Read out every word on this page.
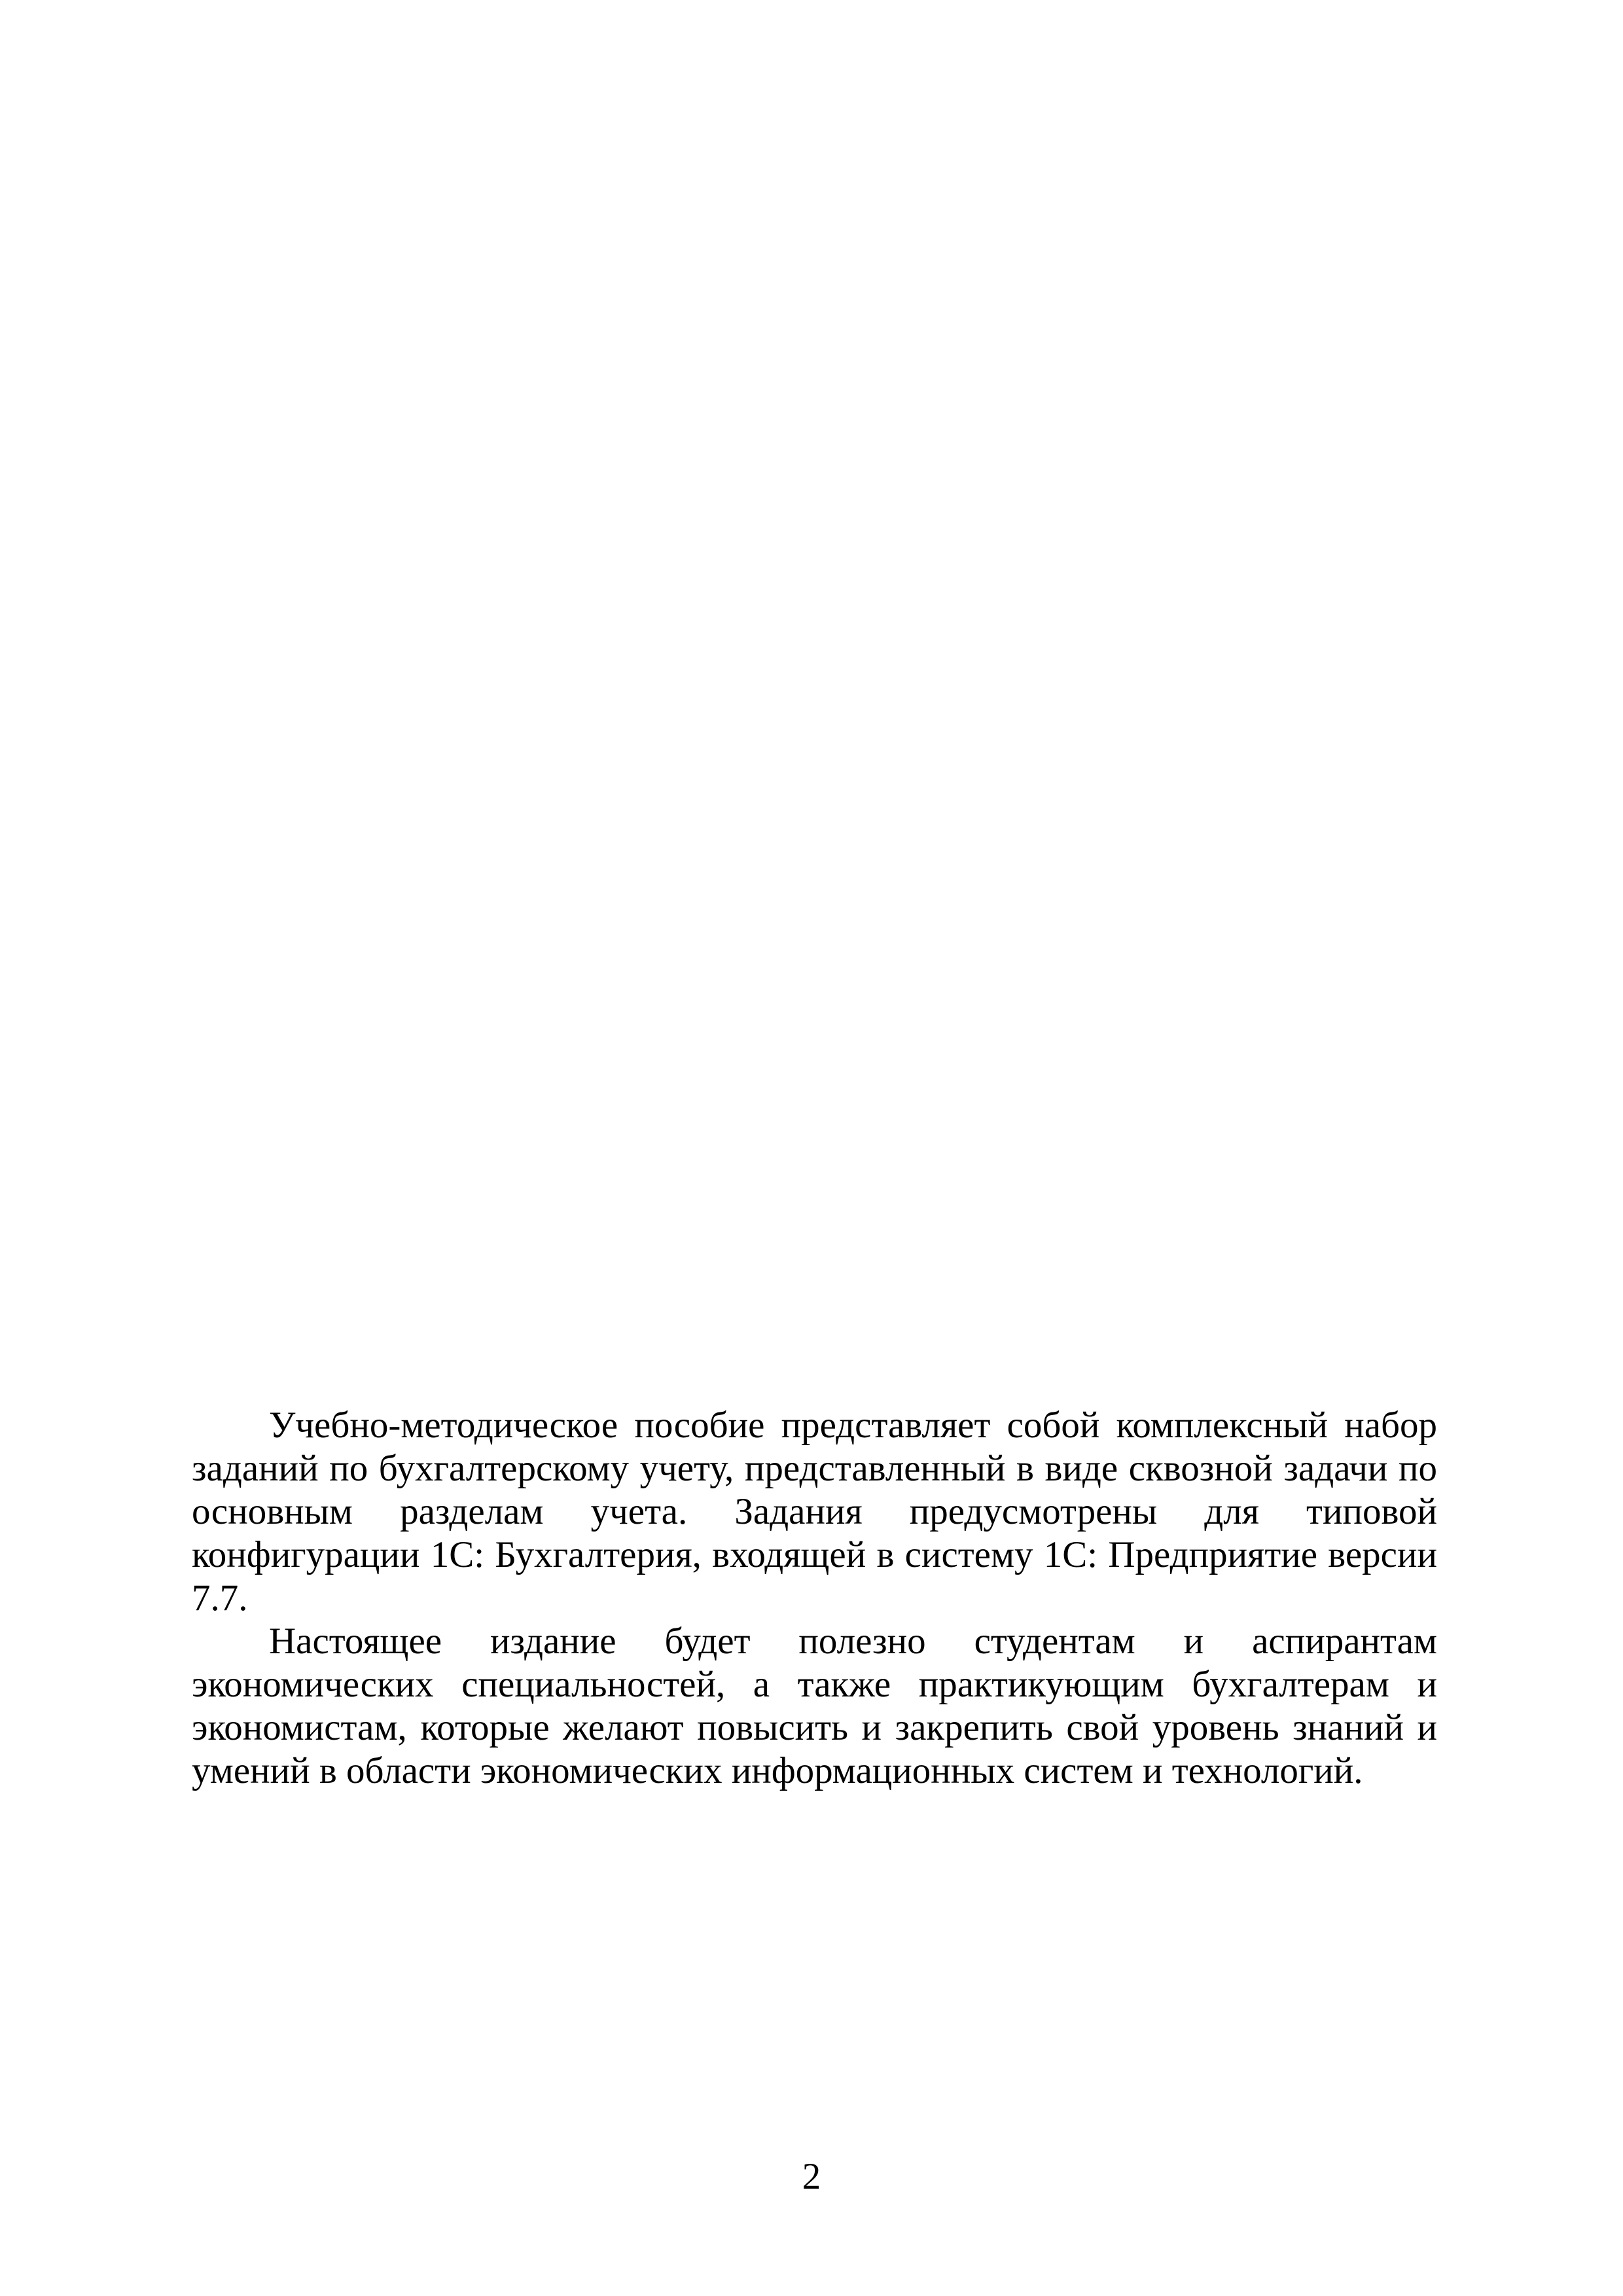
Учебно-методическое пособие представляет собой комплексный набор заданий по бухгалтерскому учету, представленный в виде сквозной задачи по основным разделам учета. Задания предусмотрены для типовой конфигурации 1С: Бухгалтерия, входящей в систему 1С: Предприятие версии 7.7.

Настоящее издание будет полезно студентам и аспирантам экономических специальностей, а также практикующим бухгалтерам и экономистам, которые желают повысить и закрепить свой уровень знаний и умений в области экономических информационных систем и технологий.

2
